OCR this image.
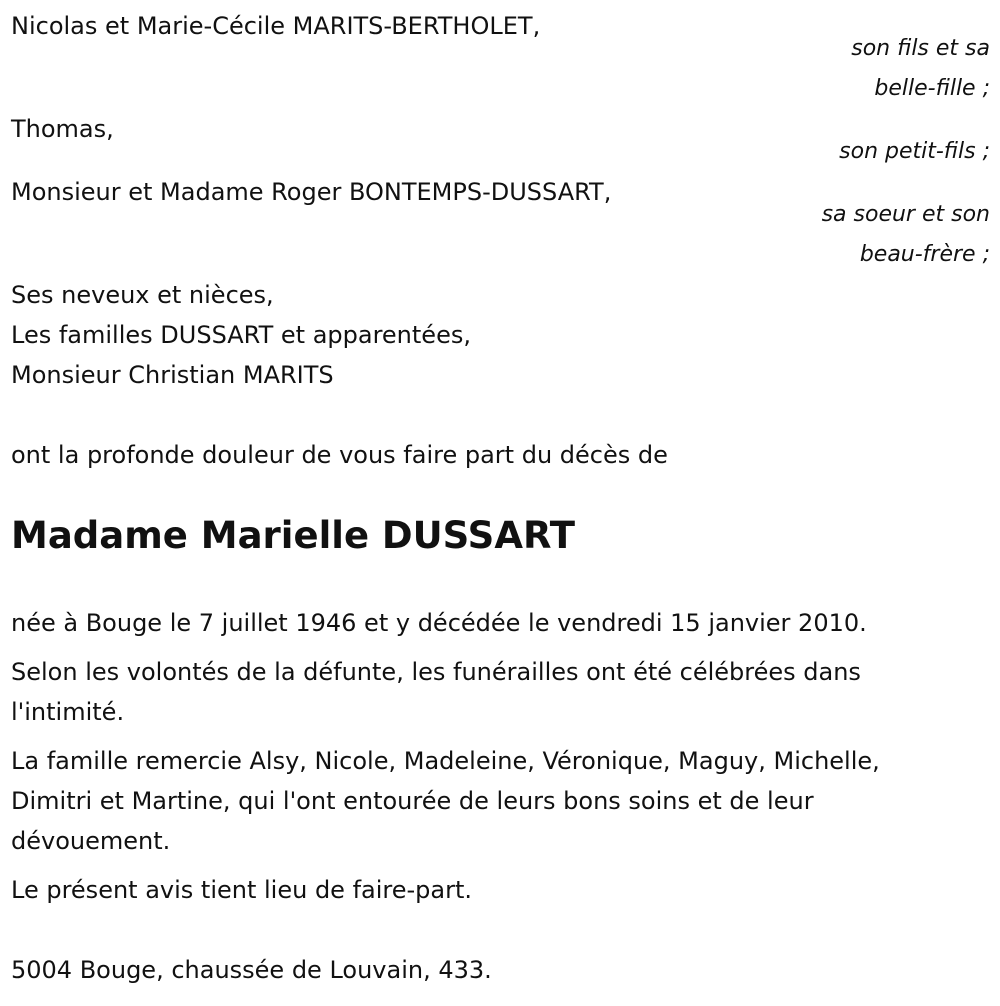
Nicolas et Marie-Cécile MARITS-BERTHOLET,
son fils et sa
belle-fille ;
Thomas,
son petit-fils ;
Monsieur et Madame Roger BONTEMPS-DUSSART,
sa soeur et son
beau-frère ;
Ses neveux et nièces,
Les familles DUSSART et apparentées,
Monsieur Christian MARITS
ont la profonde douleur de vous faire part du décès de
Madame Marielle DUSSART
née à Bouge le 7 juillet 1946 et y décédée le vendredi 15 janvier 2010.
Selon les volontés de la défunte, les funérailles ont été célébrées dans
l'intimité.
La famille remercie Alsy, Nicole, Madeleine, Véronique, Maguy, Michelle,
Dimitri et Martine, qui l'ont entourée de leurs bons soins et de leur
dévouement.
Le présent avis tient lieu de faire-part.
5004 Bouge, chaussée de Louvain, 433.
